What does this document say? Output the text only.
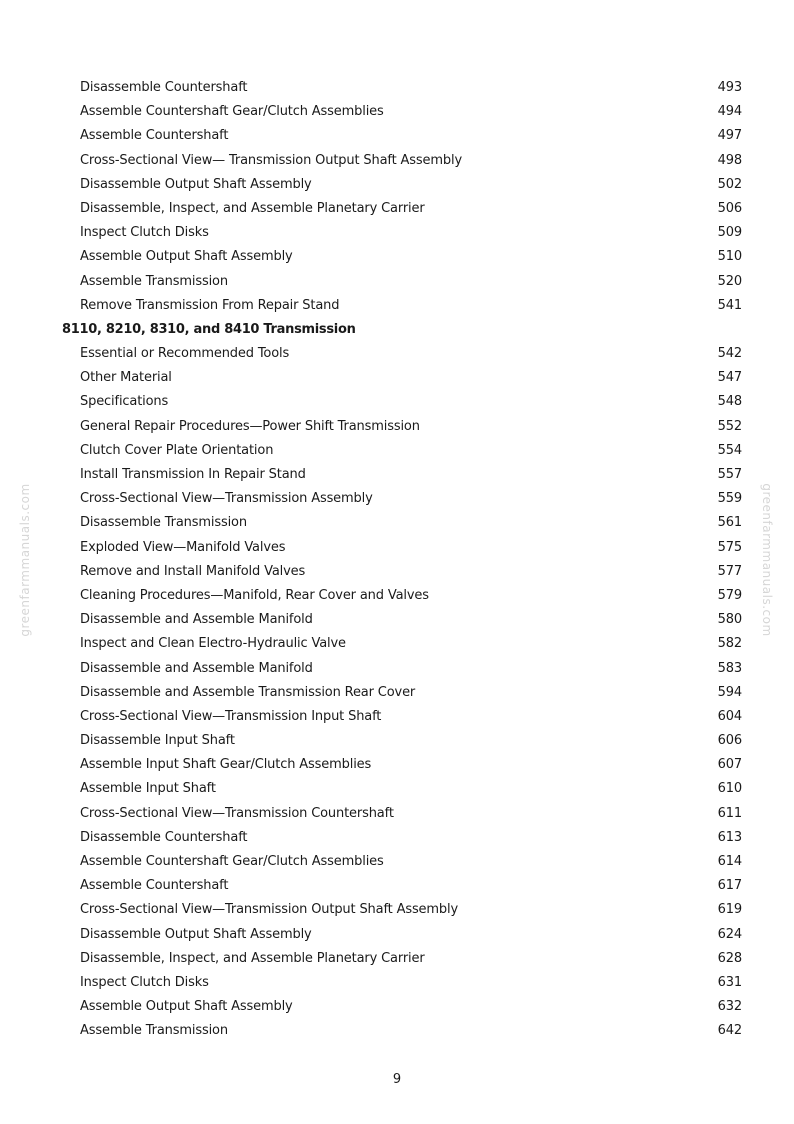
greenfarmmanuals.com	greenfarmmanuals.com
Disassemble Countershaft	493
Assemble Countershaft Gear/Clutch Assemblies	494
Assemble Countershaft	497
Cross-Sectional View— Transmission Output Shaft Assembly	498
Disassemble Output Shaft Assembly	502
Disassemble, Inspect, and Assemble Planetary Carrier	506
Inspect Clutch Disks	509
Assemble Output Shaft Assembly	510
Assemble Transmission	520
Remove Transmission From Repair Stand	541
8110, 8210, 8310, and 8410 Transmission
Essential or Recommended Tools	542
Other Material	547
Specifications	548
General Repair Procedures—Power Shift Transmission	552
Clutch Cover Plate Orientation	554
Install Transmission In Repair Stand	557
Cross-Sectional View—Transmission Assembly	559
Disassemble Transmission	561
Exploded View—Manifold Valves	575
Remove and Install Manifold Valves	577
Cleaning Procedures—Manifold, Rear Cover and Valves	579
Disassemble and Assemble Manifold	580
Inspect and Clean Electro-Hydraulic Valve	582
Disassemble and Assemble Manifold	583
Disassemble and Assemble Transmission Rear Cover	594
Cross-Sectional View—Transmission Input Shaft	604
Disassemble Input Shaft	606
Assemble Input Shaft Gear/Clutch Assemblies	607
Assemble Input Shaft	610
Cross-Sectional View—Transmission Countershaft	611
Disassemble Countershaft	613
Assemble Countershaft Gear/Clutch Assemblies	614
Assemble Countershaft	617
Cross-Sectional View—Transmission Output Shaft Assembly	619
Disassemble Output Shaft Assembly	624
Disassemble, Inspect, and Assemble Planetary Carrier	628
Inspect Clutch Disks	631
Assemble Output Shaft Assembly	632
Assemble Transmission	642
9
